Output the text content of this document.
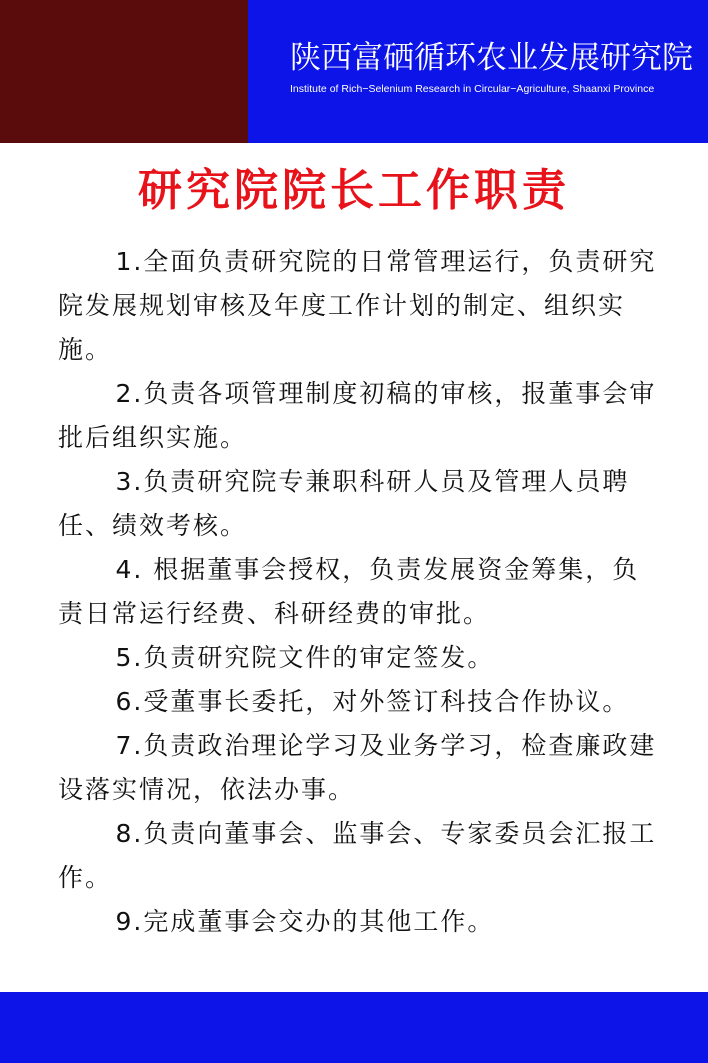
陕西富硒循环农业发展研究院
Institute of Rich−Selenium Research in Circular−Agriculture, Shaanxi Province
研究院院长工作职责
1.全面负责研究院的日常管理运行，负责研究院发展规划审核及年度工作计划的制定、组织实施。
2.负责各项管理制度初稿的审核，报董事会审批后组织实施。
3.负责研究院专兼职科研人员及管理人员聘任、绩效考核。
4. 根据董事会授权，负责发展资金筹集，负责日常运行经费、科研经费的审批。
5.负责研究院文件的审定签发。
6.受董事长委托，对外签订科技合作协议。
7.负责政治理论学习及业务学习，检查廉政建设落实情况，依法办事。
8.负责向董事会、监事会、专家委员会汇报工作。
9.完成董事会交办的其他工作。
